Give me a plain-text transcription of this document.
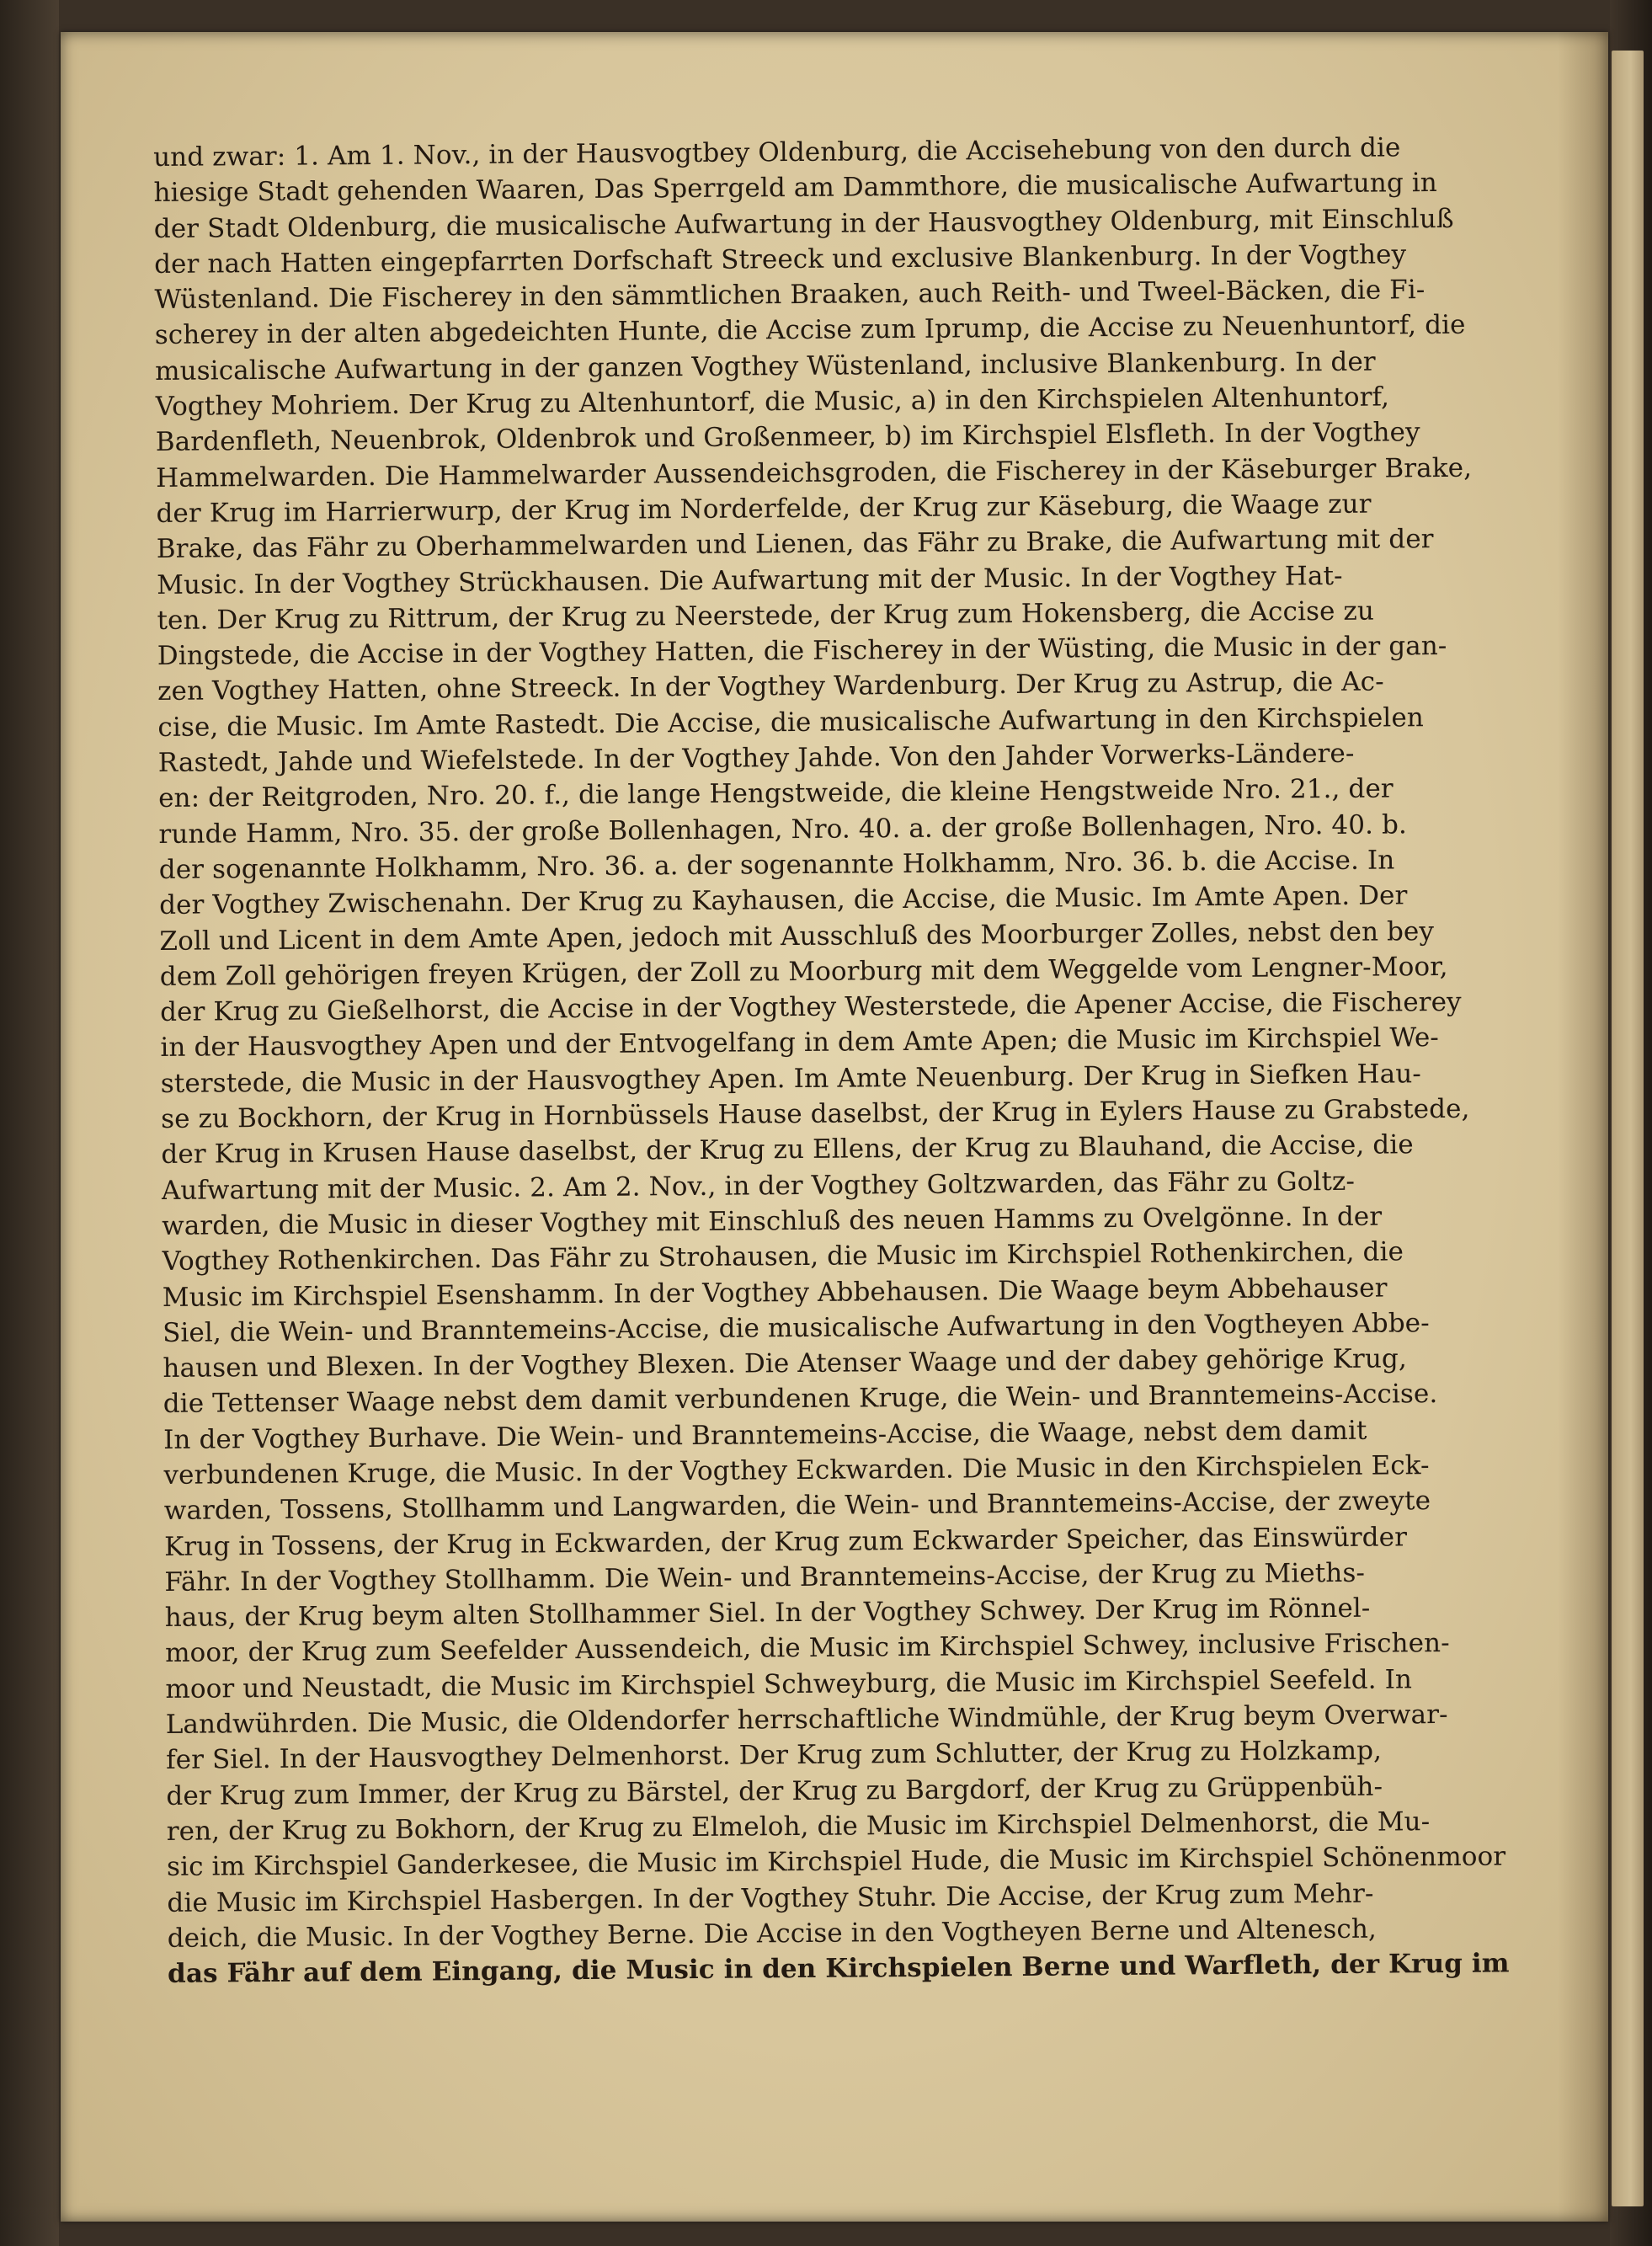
und zwar: 1. Am 1. Nov., in der Hausvogtbey Oldenburg, die Accisehebung von den durch die
hiesige Stadt gehenden Waaren, Das Sperrgeld am Dammthore, die musicalische Aufwartung in
der Stadt Oldenburg, die musicalische Aufwartung in der Hausvogthey Oldenburg, mit Einschluß
der nach Hatten eingepfarrten Dorfschaft Streeck und exclusive Blankenburg. In der Vogthey
Wüstenland. Die Fischerey in den sämmtlichen Braaken, auch Reith- und Tweel-Bäcken, die Fi-
scherey in der alten abgedeichten Hunte, die Accise zum Iprump, die Accise zu Neuenhuntorf, die
musicalische Aufwartung in der ganzen Vogthey Wüstenland, inclusive Blankenburg. In der
Vogthey Mohriem. Der Krug zu Altenhuntorf, die Music, a) in den Kirchspielen Altenhuntorf,
Bardenfleth, Neuenbrok, Oldenbrok und Großenmeer, b) im Kirchspiel Elsfleth. In der Vogthey
Hammelwarden. Die Hammelwarder Aussendeichsgroden, die Fischerey in der Käseburger Brake,
der Krug im Harrierwurp, der Krug im Norderfelde, der Krug zur Käseburg, die Waage zur
Brake, das Fähr zu Oberhammelwarden und Lienen, das Fähr zu Brake, die Aufwartung mit der
Music. In der Vogthey Strückhausen. Die Aufwartung mit der Music. In der Vogthey Hat-
ten. Der Krug zu Rittrum, der Krug zu Neerstede, der Krug zum Hokensberg, die Accise zu
Dingstede, die Accise in der Vogthey Hatten, die Fischerey in der Wüsting, die Music in der gan-
zen Vogthey Hatten, ohne Streeck. In der Vogthey Wardenburg. Der Krug zu Astrup, die Ac-
cise, die Music. Im Amte Rastedt. Die Accise, die musicalische Aufwartung in den Kirchspielen
Rastedt, Jahde und Wiefelstede. In der Vogthey Jahde. Von den Jahder Vorwerks-Ländere-
en: der Reitgroden, Nro. 20. f., die lange Hengstweide, die kleine Hengstweide Nro. 21., der
runde Hamm, Nro. 35. der große Bollenhagen, Nro. 40. a. der große Bollenhagen, Nro. 40. b.
der sogenannte Holkhamm, Nro. 36. a. der sogenannte Holkhamm, Nro. 36. b. die Accise. In
der Vogthey Zwischenahn. Der Krug zu Kayhausen, die Accise, die Music. Im Amte Apen. Der
Zoll und Licent in dem Amte Apen, jedoch mit Ausschluß des Moorburger Zolles, nebst den bey
dem Zoll gehörigen freyen Krügen, der Zoll zu Moorburg mit dem Weggelde vom Lengner-Moor,
der Krug zu Gießelhorst, die Accise in der Vogthey Westerstede, die Apener Accise, die Fischerey
in der Hausvogthey Apen und der Entvogelfang in dem Amte Apen; die Music im Kirchspiel We-
sterstede, die Music in der Hausvogthey Apen. Im Amte Neuenburg. Der Krug in Siefken Hau-
se zu Bockhorn, der Krug in Hornbüssels Hause daselbst, der Krug in Eylers Hause zu Grabstede,
der Krug in Krusen Hause daselbst, der Krug zu Ellens, der Krug zu Blauhand, die Accise, die
Aufwartung mit der Music. 2. Am 2. Nov., in der Vogthey Goltzwarden, das Fähr zu Goltz-
warden, die Music in dieser Vogthey mit Einschluß des neuen Hamms zu Ovelgönne. In der
Vogthey Rothenkirchen. Das Fähr zu Strohausen, die Music im Kirchspiel Rothenkirchen, die
Music im Kirchspiel Esenshamm. In der Vogthey Abbehausen. Die Waage beym Abbehauser
Siel, die Wein- und Branntemeins-Accise, die musicalische Aufwartung in den Vogtheyen Abbe-
hausen und Blexen. In der Vogthey Blexen. Die Atenser Waage und der dabey gehörige Krug,
die Tettenser Waage nebst dem damit verbundenen Kruge, die Wein- und Branntemeins-Accise.
In der Vogthey Burhave. Die Wein- und Branntemeins-Accise, die Waage, nebst dem damit
verbundenen Kruge, die Music. In der Vogthey Eckwarden. Die Music in den Kirchspielen Eck-
warden, Tossens, Stollhamm und Langwarden, die Wein- und Branntemeins-Accise, der zweyte
Krug in Tossens, der Krug in Eckwarden, der Krug zum Eckwarder Speicher, das Einswürder
Fähr. In der Vogthey Stollhamm. Die Wein- und Branntemeins-Accise, der Krug zu Mieths-
haus, der Krug beym alten Stollhammer Siel. In der Vogthey Schwey. Der Krug im Rönnel-
moor, der Krug zum Seefelder Aussendeich, die Music im Kirchspiel Schwey, inclusive Frischen-
moor und Neustadt, die Music im Kirchspiel Schweyburg, die Music im Kirchspiel Seefeld. In
Landwührden. Die Music, die Oldendorfer herrschaftliche Windmühle, der Krug beym Overwar-
fer Siel. In der Hausvogthey Delmenhorst. Der Krug zum Schlutter, der Krug zu Holzkamp,
der Krug zum Immer, der Krug zu Bärstel, der Krug zu Bargdorf, der Krug zu Grüppenbüh-
ren, der Krug zu Bokhorn, der Krug zu Elmeloh, die Music im Kirchspiel Delmenhorst, die Mu-
sic im Kirchspiel Ganderkesee, die Music im Kirchspiel Hude, die Music im Kirchspiel Schönenmoor
die Music im Kirchspiel Hasbergen. In der Vogthey Stuhr. Die Accise, der Krug zum Mehr-
deich, die Music. In der Vogthey Berne. Die Accise in den Vogtheyen Berne und Altenesch,
das Fähr auf dem Eingang, die Music in den Kirchspielen Berne und Warfleth, der Krug im
